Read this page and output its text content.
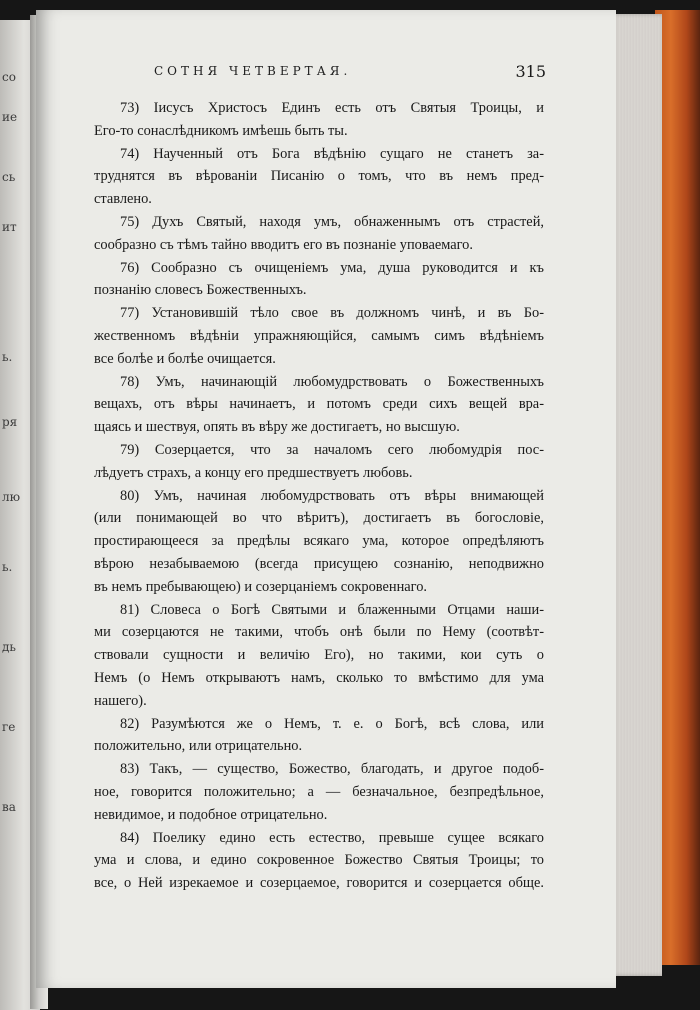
со
ие
сь
ит
ь.
ря
лю
ь.
дь
ге
ва
СОТНЯ ЧЕТВЕРТАЯ.	315
73) Іисусъ Христосъ Единъ есть отъ Святыя Троицы, и
Его-то сонаслѣдникомъ имѣешь быть ты.
74) Наученный отъ Бога вѣдѣнію сущаго не станетъ за-
труднятся въ вѣрованіи Писанію о томъ, что въ немъ пред-
ставлено.
75) Духъ Святый, находя умъ, обнаженнымъ отъ страстей,
сообразно съ тѣмъ тайно вводитъ его въ познаніе уповаемаго.
76) Сообразно съ очищеніемъ ума, душа руководится и къ
познанію словесъ Божественныхъ.
77) Установившій тѣло свое въ должномъ чинѣ, и въ Бо-
жественномъ вѣдѣніи упражняющійся, самымъ симъ вѣдѣніемъ
все болѣе и болѣе очищается.
78) Умъ, начинающій любомудрствовать о Божественныхъ
вещахъ, отъ вѣры начинаетъ, и потомъ среди сихъ вещей вра-
щаясь и шествуя, опять въ вѣру же достигаетъ, но высшую.
79) Созерцается, что за началомъ сего любомудрія пос-
лѣдуетъ страхъ, а концу его предшествуетъ любовь.
80) Умъ, начиная любомудрствовать отъ вѣры внимающей
(или понимающей во что вѣритъ), достигаетъ въ богословіе,
простирающееся за предѣлы всякаго ума, которое опредѣляютъ
вѣрою незабываемою (всегда присущею сознанію, неподвижно
въ немъ пребывающею) и созерцаніемъ сокровеннаго.
81) Словеса о Богѣ Святыми и блаженными Отцами наши-
ми созерцаются не такими, чтобъ онѣ были по Нему (соотвѣт-
ствовали сущности и величію Его), но такими, кои суть о
Немъ (о Немъ открываютъ намъ, сколько то вмѣстимо для ума
нашего).
82) Разумѣются же о Немъ, т. е. о Богѣ, всѣ слова, или
положительно, или отрицательно.
83) Такъ, — существо, Божество, благодать, и другое подоб-
ное, говорится положительно; а — безначальное, безпредѣльное,
невидимое, и подобное отрицательно.
84) Поелику едино есть естество, превыше сущее всякаго
ума и слова, и едино сокровенное Божество Святыя Троицы; то
все, о Ней изрекаемое и созерцаемое, говорится и созерцается обще.
